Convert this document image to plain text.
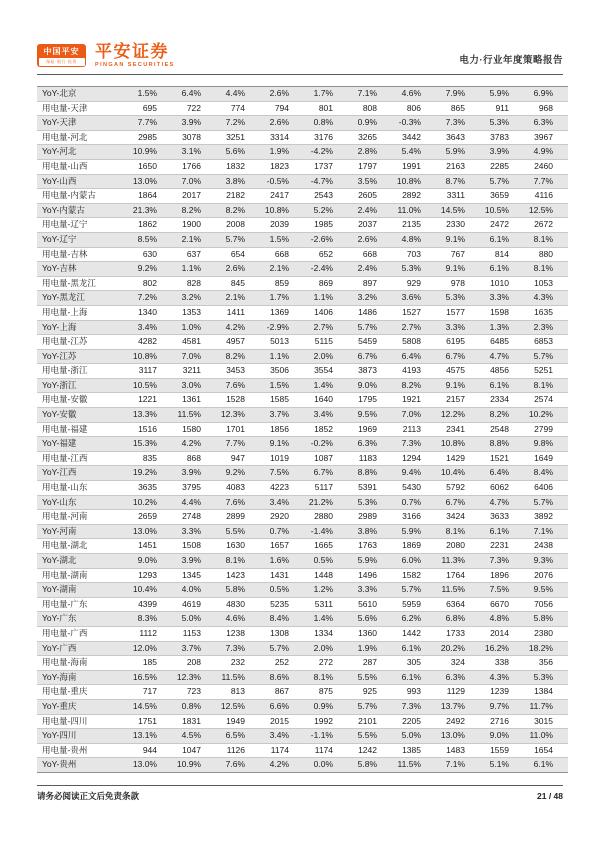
中国平安
保险·银行·投资	平安证券
PINGAN SECURITIES	电力·行业年度策略报告
YoY-北京	1.5%	6.4%	4.4%	2.6%	1.7%	7.1%	4.6%	7.9%	5.9%	6.9%
用电量-天津	695	722	774	794	801	808	806	865	911	968
YoY-天津	7.7%	3.9%	7.2%	2.6%	0.8%	0.9%	-0.3%	7.3%	5.3%	6.3%
用电量-河北	2985	3078	3251	3314	3176	3265	3442	3643	3783	3967
YoY-河北	10.9%	3.1%	5.6%	1.9%	-4.2%	2.8%	5.4%	5.9%	3.9%	4.9%
用电量-山西	1650	1766	1832	1823	1737	1797	1991	2163	2285	2460
YoY-山西	13.0%	7.0%	3.8%	-0.5%	-4.7%	3.5%	10.8%	8.7%	5.7%	7.7%
用电量-内蒙古	1864	2017	2182	2417	2543	2605	2892	3311	3659	4116
YoY-内蒙古	21.3%	8.2%	8.2%	10.8%	5.2%	2.4%	11.0%	14.5%	10.5%	12.5%
用电量-辽宁	1862	1900	2008	2039	1985	2037	2135	2330	2472	2672
YoY-辽宁	8.5%	2.1%	5.7%	1.5%	-2.6%	2.6%	4.8%	9.1%	6.1%	8.1%
用电量-吉林	630	637	654	668	652	668	703	767	814	880
YoY-吉林	9.2%	1.1%	2.6%	2.1%	-2.4%	2.4%	5.3%	9.1%	6.1%	8.1%
用电量-黑龙江	802	828	845	859	869	897	929	978	1010	1053
YoY-黑龙江	7.2%	3.2%	2.1%	1.7%	1.1%	3.2%	3.6%	5.3%	3.3%	4.3%
用电量-上海	1340	1353	1411	1369	1406	1486	1527	1577	1598	1635
YoY-上海	3.4%	1.0%	4.2%	-2.9%	2.7%	5.7%	2.7%	3.3%	1.3%	2.3%
用电量-江苏	4282	4581	4957	5013	5115	5459	5808	6195	6485	6853
YoY-江苏	10.8%	7.0%	8.2%	1.1%	2.0%	6.7%	6.4%	6.7%	4.7%	5.7%
用电量-浙江	3117	3211	3453	3506	3554	3873	4193	4575	4856	5251
YoY-浙江	10.5%	3.0%	7.6%	1.5%	1.4%	9.0%	8.2%	9.1%	6.1%	8.1%
用电量-安徽	1221	1361	1528	1585	1640	1795	1921	2157	2334	2574
YoY-安徽	13.3%	11.5%	12.3%	3.7%	3.4%	9.5%	7.0%	12.2%	8.2%	10.2%
用电量-福建	1516	1580	1701	1856	1852	1969	2113	2341	2548	2799
YoY-福建	15.3%	4.2%	7.7%	9.1%	-0.2%	6.3%	7.3%	10.8%	8.8%	9.8%
用电量-江西	835	868	947	1019	1087	1183	1294	1429	1521	1649
YoY-江西	19.2%	3.9%	9.2%	7.5%	6.7%	8.8%	9.4%	10.4%	6.4%	8.4%
用电量-山东	3635	3795	4083	4223	5117	5391	5430	5792	6062	6406
YoY-山东	10.2%	4.4%	7.6%	3.4%	21.2%	5.3%	0.7%	6.7%	4.7%	5.7%
用电量-河南	2659	2748	2899	2920	2880	2989	3166	3424	3633	3892
YoY-河南	13.0%	3.3%	5.5%	0.7%	-1.4%	3.8%	5.9%	8.1%	6.1%	7.1%
用电量-湖北	1451	1508	1630	1657	1665	1763	1869	2080	2231	2438
YoY-湖北	9.0%	3.9%	8.1%	1.6%	0.5%	5.9%	6.0%	11.3%	7.3%	9.3%
用电量-湖南	1293	1345	1423	1431	1448	1496	1582	1764	1896	2076
YoY-湖南	10.4%	4.0%	5.8%	0.5%	1.2%	3.3%	5.7%	11.5%	7.5%	9.5%
用电量-广东	4399	4619	4830	5235	5311	5610	5959	6364	6670	7056
YoY-广东	8.3%	5.0%	4.6%	8.4%	1.4%	5.6%	6.2%	6.8%	4.8%	5.8%
用电量-广西	1112	1153	1238	1308	1334	1360	1442	1733	2014	2380
YoY-广西	12.0%	3.7%	7.3%	5.7%	2.0%	1.9%	6.1%	20.2%	16.2%	18.2%
用电量-海南	185	208	232	252	272	287	305	324	338	356
YoY-海南	16.5%	12.3%	11.5%	8.6%	8.1%	5.5%	6.1%	6.3%	4.3%	5.3%
用电量-重庆	717	723	813	867	875	925	993	1129	1239	1384
YoY-重庆	14.5%	0.8%	12.5%	6.6%	0.9%	5.7%	7.3%	13.7%	9.7%	11.7%
用电量-四川	1751	1831	1949	2015	1992	2101	2205	2492	2716	3015
YoY-四川	13.1%	4.5%	6.5%	3.4%	-1.1%	5.5%	5.0%	13.0%	9.0%	11.0%
用电量-贵州	944	1047	1126	1174	1174	1242	1385	1483	1559	1654
YoY-贵州	13.0%	10.9%	7.6%	4.2%	0.0%	5.8%	11.5%	7.1%	5.1%	6.1%
请务必阅读正文后免责条款	21 / 48
